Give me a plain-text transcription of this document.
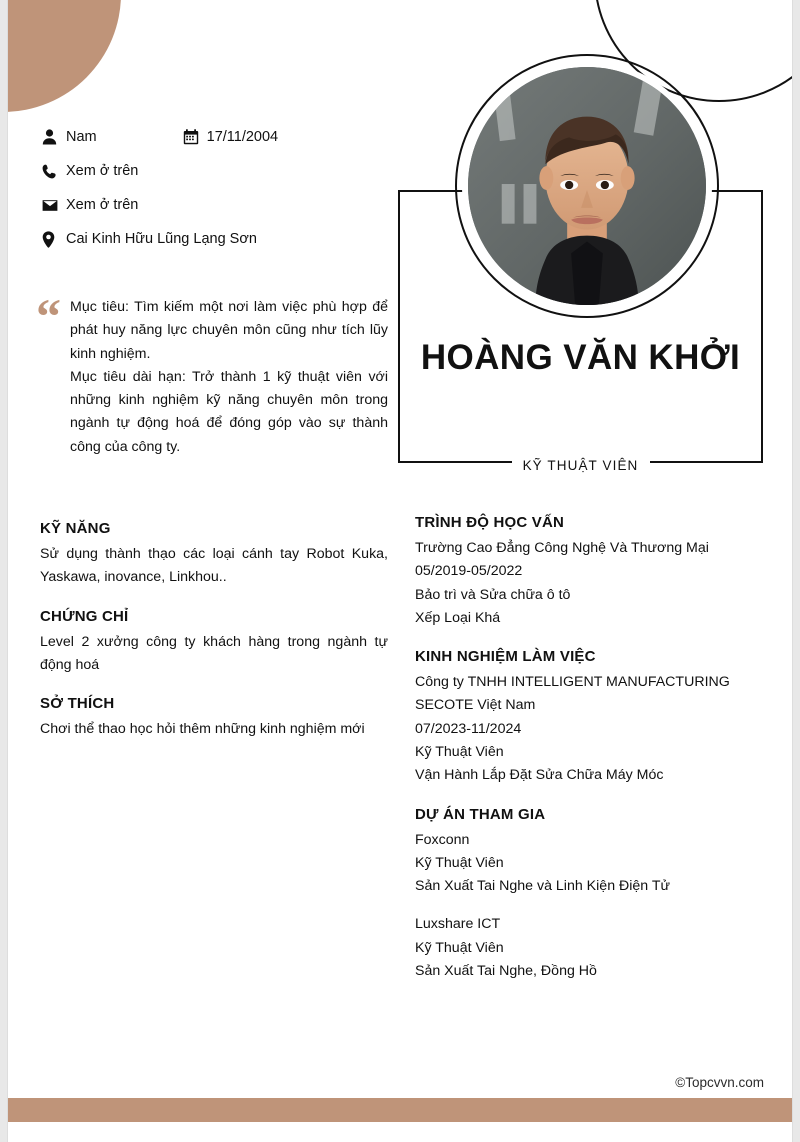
Nam	17/11/2004
Xem ở trên
Xem ở trên
Cai Kinh Hữu Lũng Lạng Sơn
“ Mục tiêu: Tìm kiếm một nơi làm việc phù hợp để phát huy năng lực chuyên môn cũng như tích lũy kinh nghiệm.

Mục tiêu dài hạn: Trở thành 1 kỹ thuật viên với những kinh nghiệm kỹ năng chuyên môn trong ngành tự động hoá để đóng góp vào sự thành công của công ty.

HOÀNG VĂN KHỞI
KỸ THUẬT VIÊN
KỸ NĂNG

Sử dụng thành thạo các loại cánh tay Robot Kuka, Yaskawa, inovance, Linkhou..

CHỨNG CHỈ

Level 2 xưởng công ty khách hàng trong ngành tự động hoá

SỞ THÍCH

Chơi thể thao học hỏi thêm những kinh nghiệm mới

TRÌNH ĐỘ HỌC VẤN

Trường Cao Đẳng Công Nghệ Và Thương Mại

05/2019-05/2022

Bảo trì và Sửa chữa ô tô

Xếp Loại Khá

KINH NGHIỆM LÀM VIỆC

Công ty TNHH INTELLIGENT MANUFACTURING SECOTE Việt Nam

07/2023-11/2024

Kỹ Thuật Viên

Vận Hành Lắp Đặt Sửa Chữa Máy Móc

DỰ ÁN THAM GIA

Foxconn

Kỹ Thuật Viên

Sản Xuất Tai Nghe và Linh Kiện Điện Tử

Luxshare ICT

Kỹ Thuật Viên

Sản Xuất Tai Nghe, Đồng Hồ

©Topcvvn.com
